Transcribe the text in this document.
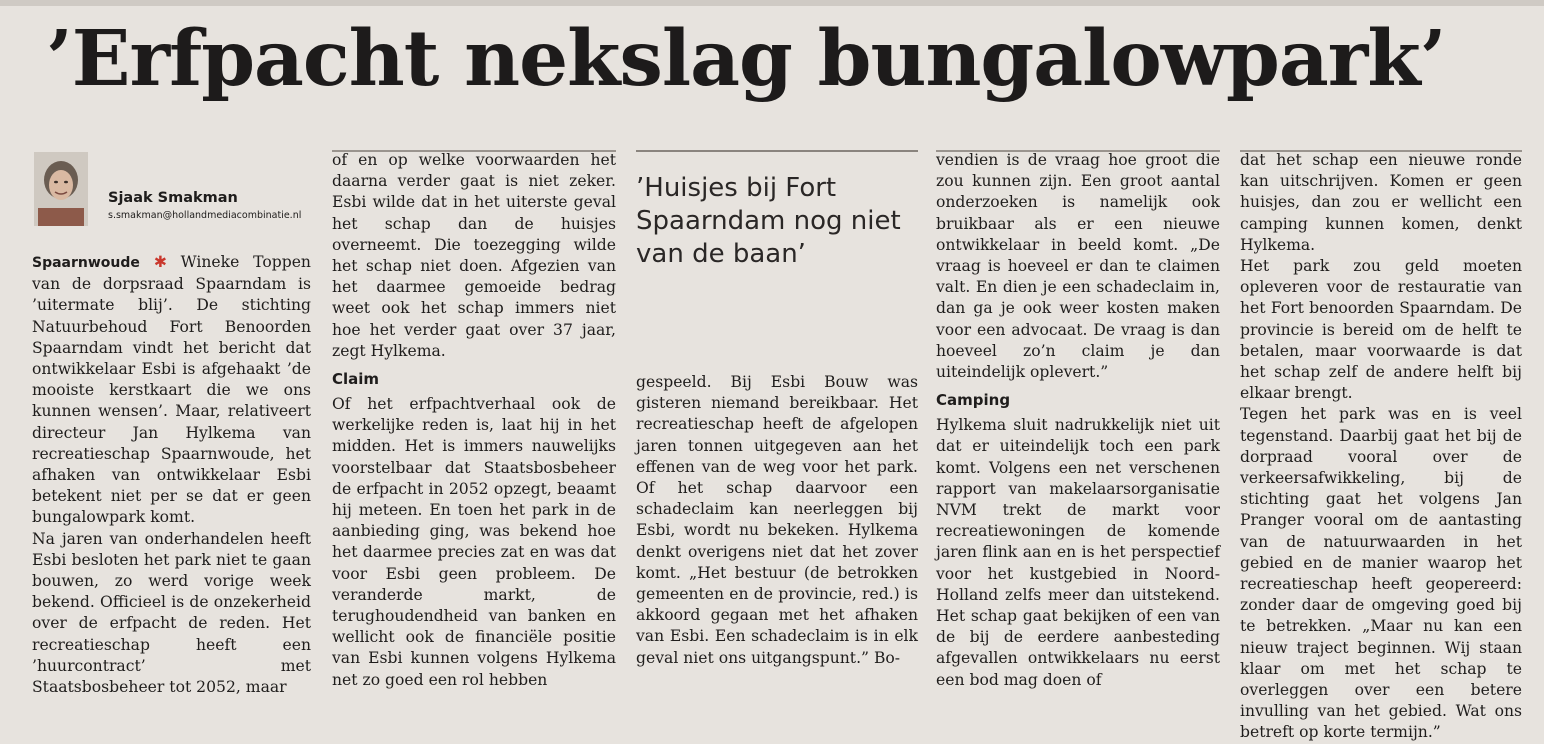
’Erfpacht nekslag bungalowpark’
Sjaak Smakman
s.smakman@hollandmediacombinatie.nl

Spaarnwoude ✱ Wineke Toppen van de dorpsraad Spaarndam is ’uitermate blij’. De stichting Natuurbehoud Fort Benoorden Spaarndam vindt het bericht dat ontwikkelaar Esbi is afgehaakt ’de mooiste kerstkaart die we ons kunnen wensen’. Maar, relativeert directeur Jan Hylkema van recreatieschap Spaarnwoude, het afhaken van ontwikkelaar Esbi betekent niet per se dat er geen bungalowpark komt.

Na jaren van onderhandelen heeft Esbi besloten het park niet te gaan bouwen, zo werd vorige week bekend. Officieel is de onzekerheid over de erfpacht de reden. Het recreatieschap heeft een ’huurcontract’ met Staatsbosbeheer tot 2052, maar

of en op welke voorwaarden het daarna verder gaat is niet zeker. Esbi wilde dat in het uiterste geval het schap dan de huisjes overneemt. Die toezegging wilde het schap niet doen. Afgezien van het daarmee gemoeide bedrag weet ook het schap immers niet hoe het verder gaat over 37 jaar, zegt Hylkema.

Claim

Of het erfpachtverhaal ook de werkelijke reden is, laat hij in het midden. Het is immers nauwelijks voorstelbaar dat Staatsbosbeheer de erfpacht in 2052 opzegt, beaamt hij meteen. En toen het park in de aanbieding ging, was bekend hoe het daarmee precies zat en was dat voor Esbi geen probleem. De veranderde markt, de terughoudendheid van banken en wellicht ook de financiële positie van Esbi kunnen volgens Hylkema net zo goed een rol hebben

’Huisjes bij Fort Spaarndam nog niet van de baan’

gespeeld. Bij Esbi Bouw was gisteren niemand bereikbaar. Het recreatieschap heeft de afgelopen jaren tonnen uitgegeven aan het effenen van de weg voor het park. Of het schap daarvoor een schadeclaim kan neerleggen bij Esbi, wordt nu bekeken. Hylkema denkt overigens niet dat het zover komt. „Het bestuur (de betrokken gemeenten en de provincie, red.) is akkoord gegaan met het afhaken van Esbi. Een schadeclaim is in elk geval niet ons uitgangspunt.” Bo-

vendien is de vraag hoe groot die zou kunnen zijn. Een groot aantal onderzoeken is namelijk ook bruikbaar als er een nieuwe ontwikkelaar in beeld komt. „De vraag is hoeveel er dan te claimen valt. En dien je een schadeclaim in, dan ga je ook weer kosten maken voor een advocaat. De vraag is dan hoeveel zo’n claim je dan uiteindelijk oplevert.”

Camping

Hylkema sluit nadrukkelijk niet uit dat er uiteindelijk toch een park komt. Volgens een net verschenen rapport van makelaarsorganisatie NVM trekt de markt voor recreatiewoningen de komende jaren flink aan en is het perspectief voor het kustgebied in Noord-Holland zelfs meer dan uitstekend. Het schap gaat bekijken of een van de bij de eerdere aanbesteding afgevallen ontwikkelaars nu eerst een bod mag doen of

dat het schap een nieuwe ronde kan uitschrijven. Komen er geen huisjes, dan zou er wellicht een camping kunnen komen, denkt Hylkema.

Het park zou geld moeten opleveren voor de restauratie van het Fort benoorden Spaarndam. De provincie is bereid om de helft te betalen, maar voorwaarde is dat het schap zelf de andere helft bij elkaar brengt.

Tegen het park was en is veel tegenstand. Daarbij gaat het bij de dorpraad vooral over de verkeersafwikkeling, bij de stichting gaat het volgens Jan Pranger vooral om de aantasting van de natuurwaarden in het gebied en de manier waarop het recreatieschap heeft geopereerd: zonder daar de omgeving goed bij te betrekken. „Maar nu kan een nieuw traject beginnen. Wij staan klaar om met het schap te overleggen over een betere invulling van het gebied. Wat ons betreft op korte termijn.”
